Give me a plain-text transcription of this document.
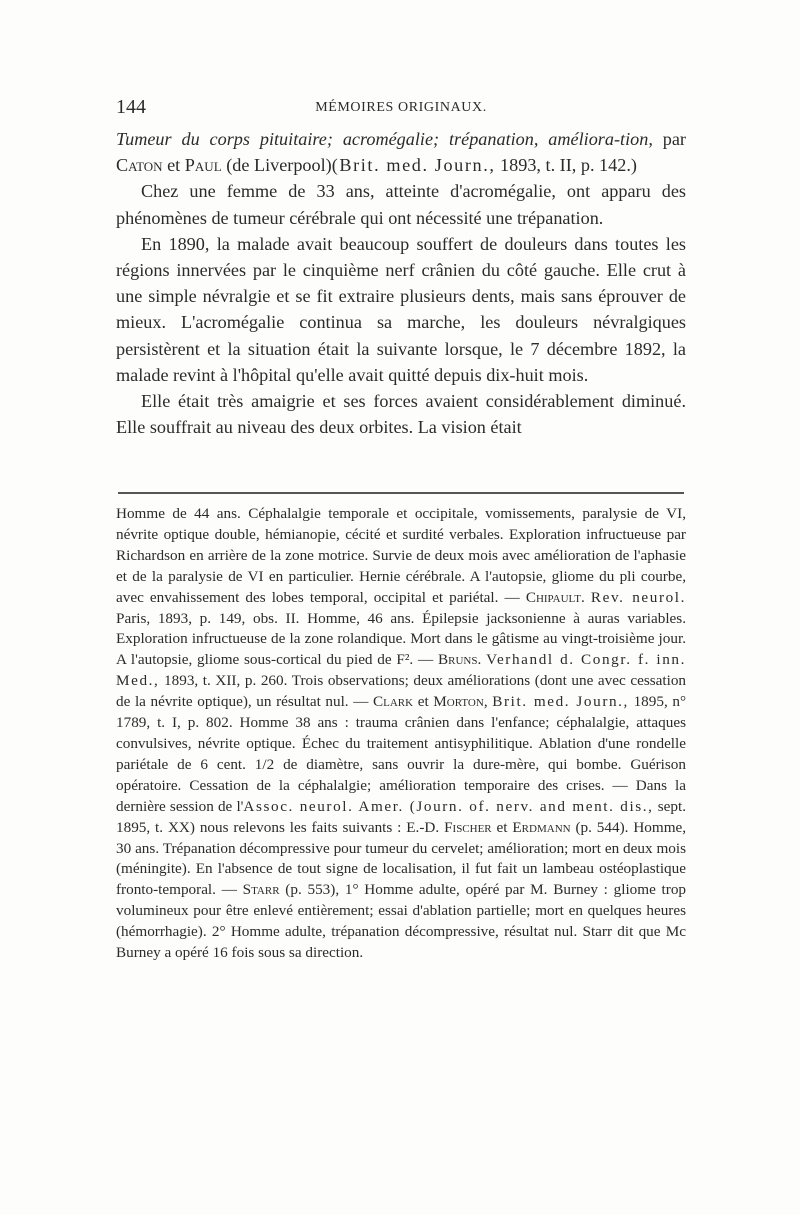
144	MÉMOIRES ORIGINAUX.

Tumeur du corps pituitaire; acromégalie; trépanation, améliora-tion, par Caton et Paul (de Liverpool)(Brit. med. Journ., 1893, t. II, p. 142.)

Chez une femme de 33 ans, atteinte d'acromégalie, ont apparu des phénomènes de tumeur cérébrale qui ont nécessité une trépanation.

En 1890, la malade avait beaucoup souffert de douleurs dans toutes les régions innervées par le cinquième nerf crânien du côté gauche. Elle crut à une simple névralgie et se fit extraire plusieurs dents, mais sans éprouver de mieux. L'acromégalie continua sa marche, les douleurs névralgiques persistèrent et la situation était la suivante lorsque, le 7 décembre 1892, la malade revint à l'hôpital qu'elle avait quitté depuis dix-huit mois.

Elle était très amaigrie et ses forces avaient considérablement diminué. Elle souffrait au niveau des deux orbites. La vision était

Homme de 44 ans. Céphalalgie temporale et occipitale, vomissements, paralysie de VI, névrite optique double, hémianopie, cécité et surdité verbales. Exploration infructueuse par Richardson en arrière de la zone motrice. Survie de deux mois avec amélioration de l'aphasie et de la paralysie de VI en particulier. Hernie cérébrale. A l'autopsie, gliome du pli courbe, avec envahissement des lobes temporal, occipital et pariétal. — Chipault. Rev. neurol. Paris, 1893, p. 149, obs. II. Homme, 46 ans. Épilepsie jacksonienne à auras variables. Exploration infructueuse de la zone rolandique. Mort dans le gâtisme au vingt-troisième jour. A l'autopsie, gliome sous-cortical du pied de F². — Bruns. Verhandl d. Congr. f. inn. Med., 1893, t. XII, p. 260. Trois observations; deux améliorations (dont une avec cessation de la névrite optique), un résultat nul. — Clark et Morton, Brit. med. Journ., 1895, n° 1789, t. I, p. 802. Homme 38 ans : trauma crânien dans l'enfance; céphalalgie, attaques convulsives, névrite optique. Échec du traitement antisyphilitique. Ablation d'une rondelle pariétale de 6 cent. 1/2 de diamètre, sans ouvrir la dure-mère, qui bombe. Guérison opératoire. Cessation de la céphalalgie; amélioration temporaire des crises. — Dans la dernière session de l'Assoc. neurol. Amer. (Journ. of. nerv. and ment. dis., sept. 1895, t. XX) nous relevons les faits suivants : E.-D. Fischer et Erdmann (p. 544). Homme, 30 ans. Trépanation décompressive pour tumeur du cervelet; amélioration; mort en deux mois (méningite). En l'absence de tout signe de localisation, il fut fait un lambeau ostéoplastique fronto-temporal. — Starr (p. 553), 1° Homme adulte, opéré par M. Burney : gliome trop volumineux pour être enlevé entièrement; essai d'ablation partielle; mort en quelques heures (hémorrhagie). 2° Homme adulte, trépanation décompressive, résultat nul. Starr dit que Mc Burney a opéré 16 fois sous sa direction.
